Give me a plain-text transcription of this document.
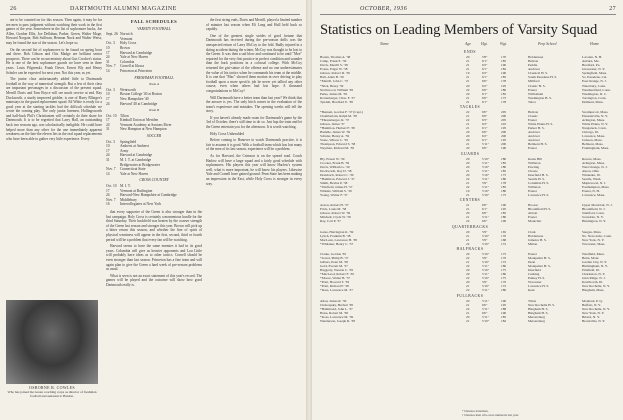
26	DARTMOUTH ALUMNI MAGAZINE

are to be counted on for this season. Then again, it may be for ten men to pass judgment without watching their work in the first games of the year. Somewhere in the list of sophomore backs, Joe Allen, Gordon Ellis, Joe Dellaban, Parker, Green, Walter Moge, Howard Norgate, Bob Sullivan, Herman Nuck and Walter Weiss, may be found the star of the season. Let's hope so.

On the second list of sophomores to be found on spring hour and there. Bob Gibson and Otis Madge are brilliant senior prospects. There can be no uncertainty about Gus Crocker's status. He is one of the best sophomore guards we have seen in three years. Louis Pilgrenski, Frank Dever, Ernest Bly and Henry Schuler can be expected for next year. Not this year, as yet.

The junior class unfortunately added little to Dartmouth football in the way of numerical strength. But a few of their class are important personages in a discussion of the present squad. Merrill Davis and Tom Boyce will see much service at end. Ray Dockworth, a sturdy improved gridder, is one of Harry Ellinger's mainstays in the guard replacement squad. Ed White is ready for a good year at the starting tackles had the difficult schedule we wrote the coming play. The only junior linemen, Hollingsworth and half-back Phil's Christiansen will certainly do their share for Dartmouth. It is to be regretted that Larry Hall, an outstanding back two seasons ago, was scholastically ineligible. He could have helped more than any other for the one immediately apparent weakness on the line-the eleven lies in the real squad replacements who have been able to gather very little experience. Every

FALL SCHEDULES
VARSITY FOOTBALL
Sept. 26 Norwich
Vermont
Oct. 3	Holy Cross
10	Brown
17	Harvard at Cambridge
24	Yale at New Haven
31	Columbia
Nov. 7	Cornell at Ithaca
14	Princeton at Princeton
FRESHMAN FOOTBALL
Team A
Oct. 3	Wentworth
10	Boston College '40 at Boston
17	New Hampshire '40
24	Harvard '40 at Cambridge
Team B
Oct. 10 Tilton
17	Kimball Union at Meriden
24	Vermont Academy at Saxtons River
31	New Hampton at New Hampton
SOCCER
Oct. 3	Springfield
10	Amherst at Amherst
17	Army
24	Harvard at Cambridge
31	M. I. T. at Cambridge
Bridgewater at Bridgewater
Nov. 7	Connecticut State
14	Yale at New Haven
CROSS COUNTRY
Oct. 10 M. I. T.
17	Vermont at Burlington
24	Harvard-New Hampshire at Cambridge
Nov. 7	Middlebury
16	Intercollegiates at New York

that every supporter of the Green is also stronger than in the last campaign. Holy Cross is certainly a momentous hurdle for the third Saturday. Their backfield was beaten by the coarser strength of the Green last season and stronger this year. Brown will pick up a bitter return this season, and whether the fine of spirit of physical weariness will appear in the first, second, third or fourth period will be a problem that every fan will be watching.

Harvard seems to have the same enemies it had in its good years. Columbia will give us heavier opponents and Lou Little will probably have ideas as to other tactics. Cornell should be even stronger than last season. Princeton has a fine team and will again plan to give the Green a hard week of pre-season problems as usual.

What is seen is not an exact statement of this year's record. The games will be played and the outcome will show how good Dartmouth really is.

the first string ends, Davis and Merrill, played a limited number of minutes last season when Eli Long and Hull held back so capably.

One of the greatest single strides of good fortune that Dartmouth has received during the pre-season drills was the unexpected return of Larry McCoy to the fold. Badly injured in a skiing accident during the winter, McCoy was thought to be lost to the Green. It was then a sad blow and continued to be until "Moe" reported for the very first practice in perfect condition and sounder than the back positions in a colossal college. With McCoy returned the gist-statue of the offense and no one underestimates the value of his tactics when he commands his team at the middle. It is one that "Mac" showed them motion in over driving to play football upon a more specific job he never yet tallied any other course, even when others had lost hope. A thousand congratulations to McCoy!

Will Dartmouth have a better team than last year? We think that the answer is yes. The only hitch comes in the evaluation of the team's experience and mistakes. The opening weeks will tell the story.

If you haven't already made room for Dartmouth's game by the 3rd of October, there's still time to do so. Just hop the train and let the Green entertain you for the afternoon. It is worth watching.

Holy Cross Unheralded

Before coming to Hanover to watch Dartmouth practice, it is fair to assume it is good. With a football team which has lost many of the men of its last season, experience will be a problem.

As for Harvard, the Crimson is on the spread road. Coach Harlow will have a large squad and a fairly good schedule with sophomores. His players this year will know Harlow's system well, what is more important, he will know his players. Likewise Yale and Cornell have gained ground. Penn State has been making an impression in the East, while Holy Cross is stronger in every way.

OSBORNE R. COWLES
Who has joined the Green coaching corps as director of freshman football and assistant to Hanlon.
OCTOBER, 1936	27
Statistics on Leading Members of Varsity Squad
Name	Age	Hgt.	Wgt.	Prep School	Home
ENDS
Bonan, Thomas A. '38	20	5'8"	170	Holderness	Laconia, N. H.
Camp, Frank E. '39	21	6'1"	185	Hebron	Auburn, Me.
Davis, Merrill S. '38	21	6'2"	190	Peddie	Bradford, Pa.
Evans, Edgar W. '38	21	6'1"	182	Andover	Gloucester, N. Y.
Gibson, Robert D. '39	19	6'2"	190	Classical H. S.	Springfield, Mass.
Hall, Allen B. '39	21	6'1"	185	South Pasadena H. S.	So. Pasadena, Cal.
*Merrill, John C. '37	21	6'0"	178	Millford	East Orange, N. J.
*Nick, Henry '39	20	6'2"	195	Classic H. S.	Waterbury, Conn.
Northwood, William '38	22	6'0"	180	Exeter	Weathersfield, Conn.
Parks, James M. '39	20	6'1"	185	Wilbraham	Washington, D. C.
Rottenberger, Chas. F. '37	21	6'0"	175	Washington H. S.	Torrington, Conn.
Tyndall, Bradford E. '38	21	6'1"	178	Tabor	Delmont, Mass.
TACKLES
*Bennett, Gordon F. '37 (Capt.)	22	6'0"	205	Hebron	Swampscott, Mass.
Chamberlain, Ralph M. '38	21	6'0"	200	Classic	Pleasantville, N. Y.
*Ehrensberger, R. '37	22	6'3"	205	Exeter	Arlington, Mass.
Gibson, James '37	21	6'2"	210	White Plains H. S.	White Plains, N. Y.
*Hamilton, Herbert F. '38	21	6'1"	195	Parker H. S.	Naugatuck, Conn.
Hamdle, James W. '39	20	6'0"	200	Andover	Chicago, Ill.
Schuler, Henry A. '39	20	6'2"	200	Andover	Lawrence, Mass.
Stone, Wilson C. '39	20	6'1"	195	Andover	Jackson, Mass.
Thompson, Edward S. '38	21	5'11"	200	Belmont H. S.	Belmont, Mass.
Weyman, Richard M. '39	20	6'0"	190	Exeter	Framingham, Mass.
GUARDS
Bly, Ernest W. '39	20	5'10"	180	Kents Hill	Revere, Mass.
Crocker, Frank B. '39	20	5'11"	185	Williston	Arlington, Mass.
Davis, William G. '39	20	5'10"	180	Pawling	West Orange, N. J.
Dockworth, Ray D. '38	21	5'11"	185	Choate	Akron, Ohio
Dreisbach, Robert C. '39	20	5'10"	175	Deerfield H. S.	Winnetka, Ill.
*Hamilton, Edward J. '37	22	5'11"	180	Seattle H. S.	Seattle, Wash.
Smith, Bevins P. '38	21	5'9"	178	Columbia H. S.	Maplewood, N. J.
*Warfield, James H. '37	22	5'11"	185	Williston	Easthampton, Mass.
Wilkins, William S. '39	19	5'10"	180	Exeter	Exeter, N. H.
Young, Walter F. '37	21	5'10"	175	Lawrence H. S.	Lawrence, Mass.
CENTERS
Arnon, Robert H. '37	21	6'0"	190	Hoosac	Upper Montclair, N. J.
Frick, Louis M. '38	21	6'1"	195	Bloomfield H. S.	Bloomfield, N. J.
Gibson, Robert W. '39	20	6'0"	185	Abbott	Stamford, Conn.
Mitchell, Clyde W. '38	21	5'11"	180	Exeter	Scarsdale, N. Y.
Ray, Carl P. '37	22	6'0"	190	Montclair	Huntington, N. Y.
QUARTERBACKS
Gates, Harrington K. '39	20	5'9"	165	Clark	Saugus, Mass.
Lynch, Franklin B. '38	21	5'10"	170	Holderness	No. Newcastle, Conn.
MacLean, Lawrence H. '38	21	5'9"	168	Jamaica H. S.	New York, N. Y.
*Whitaker, Henry C. '37	22	5'10"	172	Milton	Worcester, Mass.
HALFBACKS
Clarke, Gordon '39	20	5'10"	175	Exeter	Westfield, Mass.
*Gavel, Philip B. '37	22	5'9"	170	Montpelier H. S.	Butte, Mont.
Gilbert, Peter M. '38	21	5'10"	172	Dean	Garden City, N. Y.
Gold, Everett M. '37	22	5'11"	180	Montpelier H. S.	Birmingham, N. Y.
Haggerty, Weston C. '39	20	5'10"	175	Deerfield	Pittsfield, Ill.
*MacLeod, Robert F. '39	20	5'11"	180	Cushing	Charleston, N. Y.
*Moore, Walter B. '37	22	5'10"	175	Putney H. S.	Glen Ridge, N. J.
*Pratt, Howard T. '39	20	5'9"	170	Worcester	Kenilworth, Ill.
*Pratt, Richard F. '38	21	5'10"	172	Lawrence H. S.	New Rochelle, N. Y.
*Ross, Lawrence M. '37	22	5'11"	180	Kent	Hingham, Mass.
FULLBACKS
Allen, James R. '39	20	5'11"	190	Tilton	Montreal, P. Q.
Chaloupsky, Herbert '38	21	6'0"	195	New Rochelle H. S.	Buffalo, N. Y.
*Hammond, John L. '37	22	5'11"	188	Hingham H. S.	New Rochelle, N. Y.
Hoke, Robert M. '38	21	6'0"	190	Hingham H. S.	New York, N. Y.
*Koss, Lawrence M. '39	20	5'11"	185	Merrersburg	Bristol, N. Y.
Wenderson, Joseph R. '38	21	5'10"	182	Merrersburg	Bronxville, N. Y.
* Denotes letterman.
† Denotes men who were numerals last year.
